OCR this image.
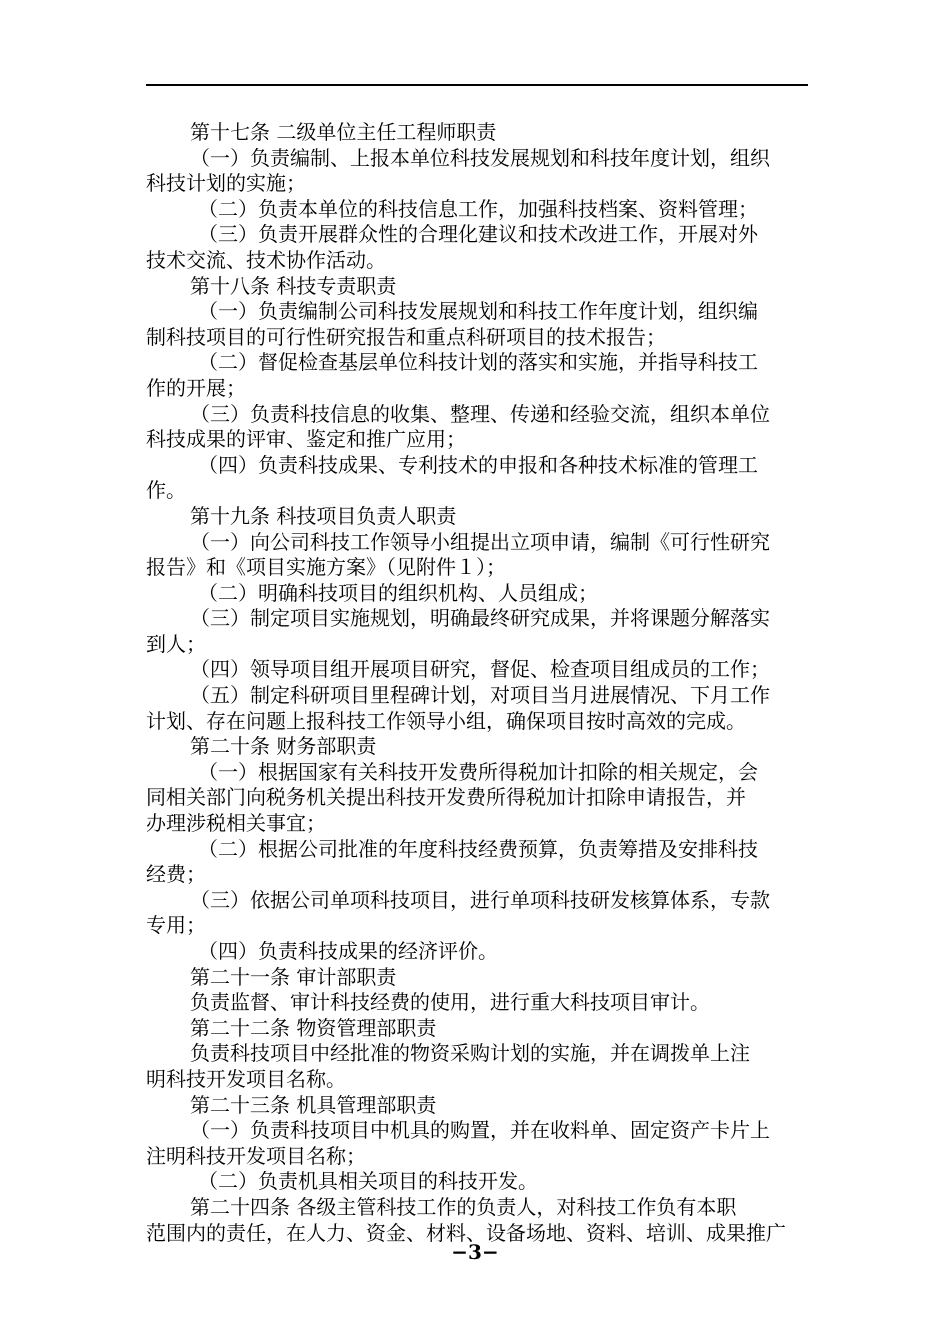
第十七条 二级单位主任工程师职责
（一）负责编制、上报本单位科技发展规划和科技年度计划，组织
科技计划的实施；
（二）负责本单位的科技信息工作，加强科技档案、资料管理；
（三）负责开展群众性的合理化建议和技术改进工作，开展对外
技术交流、技术协作活动。
第十八条 科技专责职责
（一）负责编制公司科技发展规划和科技工作年度计划，组织编
制科技项目的可行性研究报告和重点科研项目的技术报告；
（二）督促检查基层单位科技计划的落实和实施，并指导科技工
作的开展；
（三）负责科技信息的收集、整理、传递和经验交流，组织本单位
科技成果的评审、鉴定和推广应用；
（四）负责科技成果、专利技术的申报和各种技术标准的管理工
作。
第十九条 科技项目负责人职责
（一）向公司科技工作领导小组提出立项申请，编制《可行性研究
报告》和《项目实施方案》（见附件１）；
（二）明确科技项目的组织机构、人员组成；
（三）制定项目实施规划，明确最终研究成果，并将课题分解落实
到人；
（四）领导项目组开展项目研究，督促、检查项目组成员的工作；
（五）制定科研项目里程碑计划，对项目当月进展情况、下月工作
计划、存在问题上报科技工作领导小组，确保项目按时高效的完成。
第二十条 财务部职责
（一）根据国家有关科技开发费所得税加计扣除的相关规定，会
同相关部门向税务机关提出科技开发费所得税加计扣除申请报告，并
办理涉税相关事宜；
（二）根据公司批准的年度科技经费预算，负责筹措及安排科技
经费；
（三）依据公司单项科技项目，进行单项科技研发核算体系，专款
专用；
（四）负责科技成果的经济评价。
第二十一条 审计部职责
负责监督、审计科技经费的使用，进行重大科技项目审计。
第二十二条 物资管理部职责
负责科技项目中经批准的物资采购计划的实施，并在调拨单上注
明科技开发项目名称。
第二十三条 机具管理部职责
（一）负责科技项目中机具的购置，并在收料单、固定资产卡片上
注明科技开发项目名称；
（二）负责机具相关项目的科技开发。
第二十四条 各级主管科技工作的负责人，对科技工作负有本职
范围内的责任，在人力、资金、材料、设备场地、资料、培训、成果推广
−3−
